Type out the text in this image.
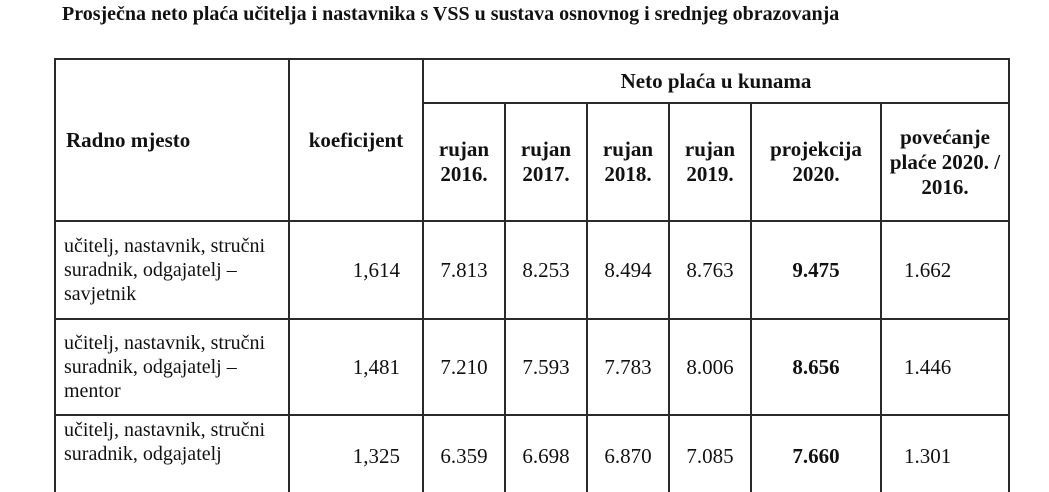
Prosječna neto plaća učitelja i nastavnika s VSS u sustava osnovnog i srednjeg obrazovanja
Radno mjesto	koeficijent	Neto plaća u kunama					
		rujan 2016.	rujan 2017.	rujan 2018.	rujan 2019.	projekcija 2020.	povećanje plaće 2020. / 2016.
učitelj, nastavnik, stručni suradnik, odgajatelj – savjetnik	1,614	7.813	8.253	8.494	8.763	9.475	1.662
učitelj, nastavnik, stručni suradnik, odgajatelj – mentor	1,481	7.210	7.593	7.783	8.006	8.656	1.446
učitelj, nastavnik, stručni suradnik, odgajatelj	1,325	6.359	6.698	6.870	7.085	7.660	1.301
